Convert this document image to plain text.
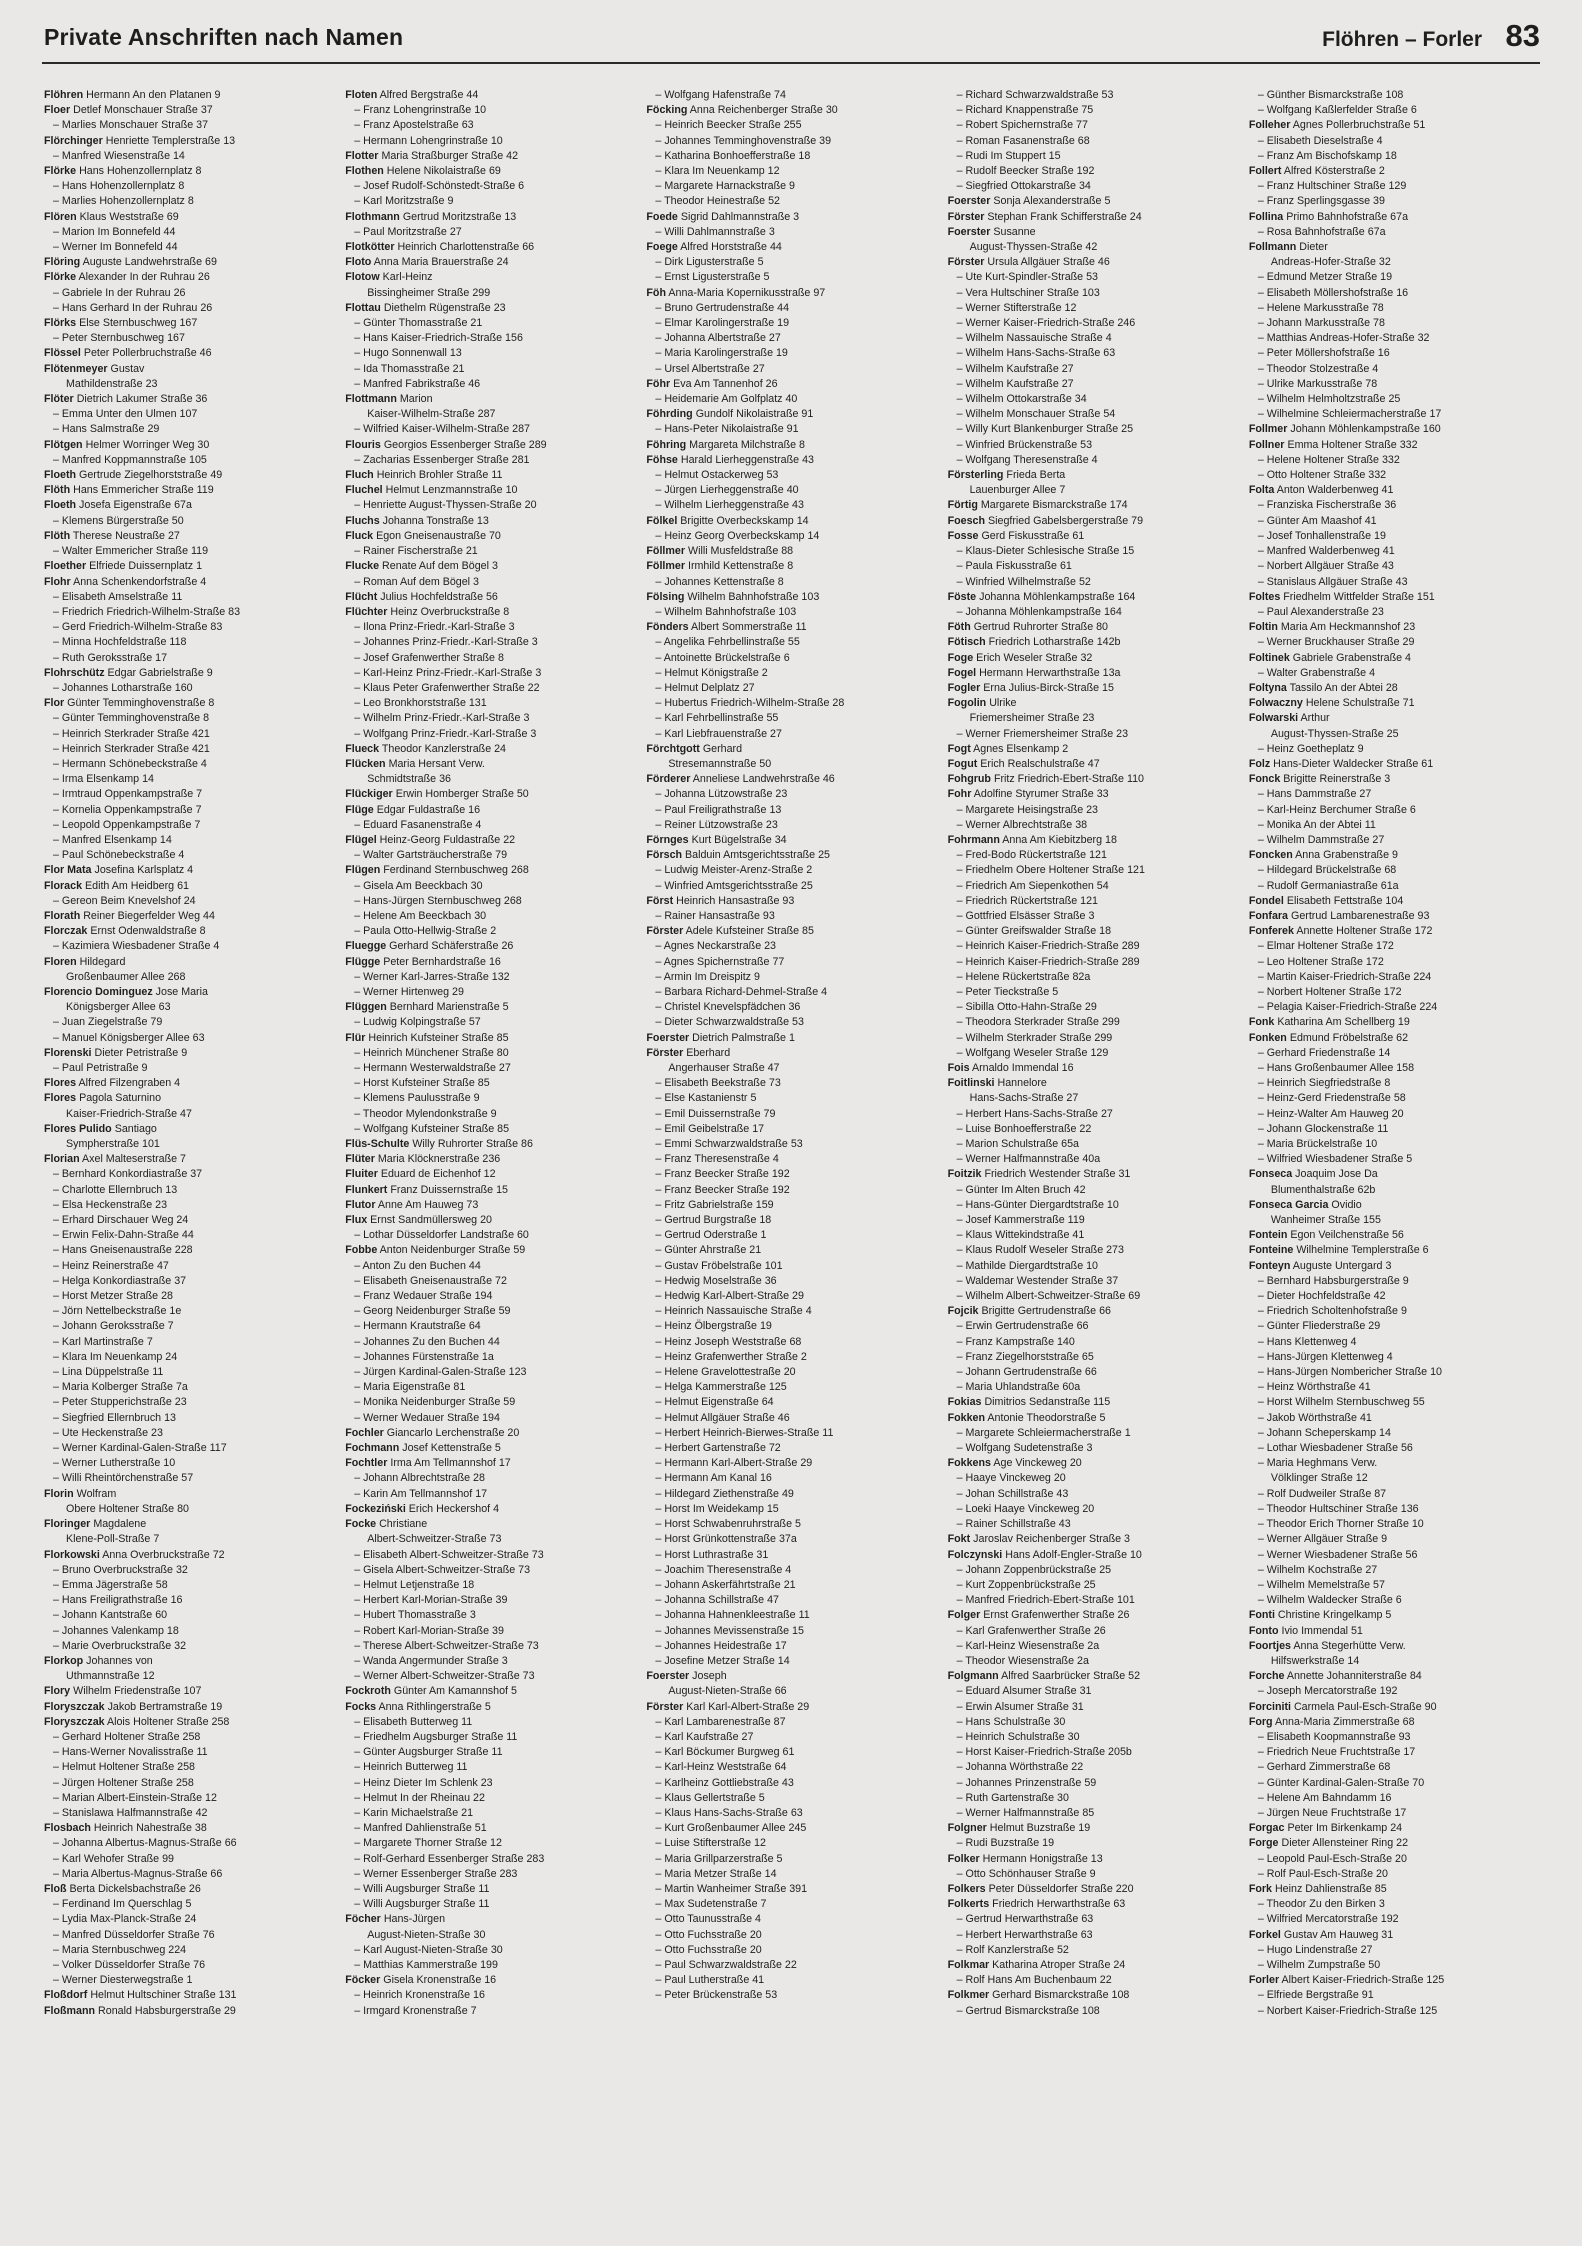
Private Anschriften nach Namen	Flöhren – Forler 83
Flöhren Hermann An den Platanen 9
Floer Detlef Monschauer Straße 37
– Marlies Monschauer Straße 37
Flörchinger Henriette Templerstraße 13
– Manfred Wiesenstraße 14
Flörke Hans Hohenzollernplatz 8
– Hans Hohenzollernplatz 8
– Marlies Hohenzollernplatz 8
Flören Klaus Weststraße 69
– Marion Im Bonnefeld 44
– Werner Im Bonnefeld 44
Flöring Auguste Landwehrstraße 69
Flörke Alexander In der Ruhrau 26
– Gabriele In der Ruhrau 26
– Hans Gerhard In der Ruhrau 26
Flörks Else Sternbuschweg 167
– Peter Sternbuschweg 167
Flössel Peter Pollerbruchstraße 46
Flötenmeyer Gustav
Mathildenstraße 23
Flöter Dietrich Lakumer Straße 36
– Emma Unter den Ulmen 107
– Hans Salmstraße 29
Flötgen Helmer Worringer Weg 30
– Manfred Koppmannstraße 105
Floeth Gertrude Ziegelhorststraße 49
Flöth Hans Emmericher Straße 119
Floeth Josefa Eigenstraße 67a
– Klemens Bürgerstraße 50
Flöth Therese Neustraße 27
– Walter Emmericher Straße 119
Floether Elfriede Duissernplatz 1
Flohr Anna Schenkendorfstraße 4
– Elisabeth Amselstraße 11
– Friedrich Friedrich-Wilhelm-Straße 83
– Gerd Friedrich-Wilhelm-Straße 83
– Minna Hochfeldstraße 118
– Ruth Geroksstraße 17
Flohrschütz Edgar Gabrielstraße 9
– Johannes Lotharstraße 160
Flor Günter Temminghovenstraße 8
– Günter Temminghovenstraße 8
– Heinrich Sterkrader Straße 421
– Heinrich Sterkrader Straße 421
– Hermann Schönebeckstraße 4
– Irma Elsenkamp 14
– Irmtraud Oppenkampstraße 7
– Kornelia Oppenkampstraße 7
– Leopold Oppenkampstraße 7
– Manfred Elsenkamp 14
– Paul Schönebeckstraße 4
Flor Mata Josefina Karlsplatz 4
Florack Edith Am Heidberg 61
– Gereon Beim Knevelshof 24
Florath Reiner Biegerfelder Weg 44
Florczak Ernst Odenwaldstraße 8
– Kazimiera Wiesbadener Straße 4
Floren Hildegard
Großenbaumer Allee 268
Florencio Dominguez Jose Maria
Königsberger Allee 63
– Juan Ziegelstraße 79
– Manuel Königsberger Allee 63
Florenski Dieter Petristraße 9
– Paul Petristraße 9
Flores Alfred Filzengraben 4
Flores Pagola Saturnino
Kaiser-Friedrich-Straße 47
Flores Pulido Santiago
Sympherstraße 101
Florian Axel Malteserstraße 7
– Bernhard Konkordiastraße 37
– Charlotte Ellernbruch 13
– Elsa Heckenstraße 23
– Erhard Dirschauer Weg 24
– Erwin Felix-Dahn-Straße 44
– Hans Gneisenaustraße 228
– Heinz Reinerstraße 47
– Helga Konkordiastraße 37
– Horst Metzer Straße 28
– Jörn Nettelbeckstraße 1e
– Johann Geroksstraße 7
– Karl Martinstraße 7
– Klara Im Neuenkamp 24
– Lina Düppelstraße 11
– Maria Kolberger Straße 7a
– Peter Stupperichstraße 23
– Siegfried Ellernbruch 13
– Ute Heckenstraße 23
– Werner Kardinal-Galen-Straße 117
– Werner Lutherstraße 10
– Willi Rheintörchenstraße 57
Florin Wolfram
Obere Holtener Straße 80
Floringer Magdalene
Klene-Poll-Straße 7
Florkowski Anna Overbruckstraße 72
– Bruno Overbruckstraße 32
– Emma Jägerstraße 58
– Hans Freiligrathstraße 16
– Johann Kantstraße 60
– Johannes Valenkamp 18
– Marie Overbruckstraße 32
Florkop Johannes von
Uthmannstraße 12
Flory Wilhelm Friedenstraße 107
Floryszczak Jakob Bertramstraße 19
Floryszczak Alois Holtener Straße 258
– Gerhard Holtener Straße 258
– Hans-Werner Novalisstraße 11
– Helmut Holtener Straße 258
– Jürgen Holtener Straße 258
– Marian Albert-Einstein-Straße 12
– Stanislawa Halfmannstraße 42
Flosbach Heinrich Nahestraße 38
– Johanna Albertus-Magnus-Straße 66
– Karl Wehofer Straße 99
– Maria Albertus-Magnus-Straße 66
Floß Berta Dickelsbachstraße 26
– Ferdinand Im Querschlag 5
– Lydia Max-Planck-Straße 24
– Manfred Düsseldorfer Straße 76
– Maria Sternbuschweg 224
– Volker Düsseldorfer Straße 76
– Werner Diesterwegstraße 1
Floßdorf Helmut Hultschiner Straße 131
Floßmann Ronald Habsburgerstraße 29
Floten Alfred Bergstraße 44
– Franz Lohengrinstraße 10
– Franz Apostelstraße 63
– Hermann Lohengrinstraße 10
Flotter Maria Straßburger Straße 42
Flothen Helene Nikolaistraße 69
– Josef Rudolf-Schönstedt-Straße 6
– Karl Moritzstraße 9
Flothmann Gertrud Moritzstraße 13
– Paul Moritzstraße 27
Flotkötter Heinrich Charlottenstraße 66
Floto Anna Maria Brauerstraße 24
Flotow Karl-Heinz
Bissingheimer Straße 299
Flottau Diethelm Rügenstraße 23
– Günter Thomasstraße 21
– Hans Kaiser-Friedrich-Straße 156
– Hugo Sonnenwall 13
– Ida Thomasstraße 21
– Manfred Fabrikstraße 46
Flottmann Marion
Kaiser-Wilhelm-Straße 287
– Wilfried Kaiser-Wilhelm-Straße 287
Flouris Georgios Essenberger Straße 289
– Zacharias Essenberger Straße 281
Fluch Heinrich Brohler Straße 11
Fluchel Helmut Lenzmannstraße 10
– Henriette August-Thyssen-Straße 20
Fluchs Johanna Tonstraße 13
Fluck Egon Gneisenaustraße 70
– Rainer Fischerstraße 21
Flucke Renate Auf dem Bögel 3
– Roman Auf dem Bögel 3
Flücht Julius Hochfeldstraße 56
Flüchter Heinz Overbruckstraße 8
– Ilona Prinz-Friedr.-Karl-Straße 3
– Johannes Prinz-Friedr.-Karl-Straße 3
– Josef Grafenwerther Straße 8
– Karl-Heinz Prinz-Friedr.-Karl-Straße 3
– Klaus Peter Grafenwerther Straße 22
– Leo Bronkhorststraße 131
– Wilhelm Prinz-Friedr.-Karl-Straße 3
– Wolfgang Prinz-Friedr.-Karl-Straße 3
Flueck Theodor Kanzlerstraße 24
Flücken Maria Hersant Verw.
Schmidtstraße 36
Flückiger Erwin Homberger Straße 50
Flüge Edgar Fuldastraße 16
– Eduard Fasanenstraße 4
Flügel Heinz-Georg Fuldastraße 22
– Walter Gartsträucherstraße 79
Flügen Ferdinand Sternbuschweg 268
– Gisela Am Beeckbach 30
– Hans-Jürgen Sternbuschweg 268
– Helene Am Beeckbach 30
– Paula Otto-Hellwig-Straße 2
Fluegge Gerhard Schäferstraße 26
Flügge Peter Bernhardstraße 16
– Werner Karl-Jarres-Straße 132
– Werner Hirtenweg 29
Flüggen Bernhard Marienstraße 5
– Ludwig Kolpingstraße 57
Flür Heinrich Kufsteiner Straße 85
– Heinrich Münchener Straße 80
– Hermann Westerwaldstraße 27
– Horst Kufsteiner Straße 85
– Klemens Paulusstraße 9
– Theodor Mylendonkstraße 9
– Wolfgang Kufsteiner Straße 85
Flüs-Schulte Willy Ruhrorter Straße 86
Flüter Maria Klöcknerstraße 236
Fluiter Eduard de Eichenhof 12
Flunkert Franz Duissernstraße 15
Flutor Anne Am Hauweg 73
Flux Ernst Sandmüllersweg 20
– Lothar Düsseldorfer Landstraße 60
Fobbe Anton Neidenburger Straße 59
– Anton Zu den Buchen 44
– Elisabeth Gneisenaustraße 72
– Franz Wedauer Straße 194
– Georg Neidenburger Straße 59
– Hermann Krautstraße 64
– Johannes Zu den Buchen 44
– Johannes Fürstenstraße 1a
– Jürgen Kardinal-Galen-Straße 123
– Maria Eigenstraße 81
– Monika Neidenburger Straße 59
– Werner Wedauer Straße 194
Fochler Giancarlo Lerchenstraße 20
Fochmann Josef Kettenstraße 5
Fochtler Irma Am Tellmannshof 17
– Johann Albrechtstraße 28
– Karin Am Tellmannshof 17
Fockeziński Erich Heckershof 4
Focke Christiane
Albert-Schweitzer-Straße 73
– Elisabeth Albert-Schweitzer-Straße 73
– Gisela Albert-Schweitzer-Straße 73
– Helmut Letjenstraße 18
– Herbert Karl-Morian-Straße 39
– Hubert Thomasstraße 3
– Robert Karl-Morian-Straße 39
– Therese Albert-Schweitzer-Straße 73
– Wanda Angermunder Straße 3
– Werner Albert-Schweitzer-Straße 73
Fockroth Günter Am Kamannshof 5
Focks Anna Rithlingerstraße 5
– Elisabeth Butterweg 11
– Friedhelm Augsburger Straße 11
– Günter Augsburger Straße 11
– Heinrich Butterweg 11
– Heinz Dieter Im Schlenk 23
– Helmut In der Rheinau 22
– Karin Michaelstraße 21
– Manfred Dahlienstraße 51
– Margarete Thorner Straße 12
– Rolf-Gerhard Essenberger Straße 283
– Werner Essenberger Straße 283
– Willi Augsburger Straße 11
– Willi Augsburger Straße 11
Föcher Hans-Jürgen
August-Nieten-Straße 30
– Karl August-Nieten-Straße 30
– Matthias Kammerstraße 199
Föcker Gisela Kronenstraße 16
– Heinrich Kronenstraße 16
– Irmgard Kronenstraße 7
– Wolfgang Hafenstraße 74
Föcking Anna Reichenberger Straße 30
– Heinrich Beecker Straße 255
– Johannes Temminghovenstraße 39
– Katharina Bonhoefferstraße 18
– Klara Im Neuenkamp 12
– Margarete Harnackstraße 9
– Theodor Heinestraße 52
Foede Sigrid Dahlmannstraße 3
– Willi Dahlmannstraße 3
Foege Alfred Horststraße 44
– Dirk Ligusterstraße 5
– Ernst Ligusterstraße 5
Föh Anna-Maria Kopernikusstraße 97
– Bruno Gertrudenstraße 44
– Elmar Karolingerstraße 19
– Johanna Albertstraße 27
– Maria Karolingerstraße 19
– Ursel Albertstraße 27
Föhr Eva Am Tannenhof 26
– Heidemarie Am Golfplatz 40
Föhrding Gundolf Nikolaistraße 91
– Hans-Peter Nikolaistraße 91
Föhring Margareta Milchstraße 8
Föhse Harald Lierheggenstraße 43
– Helmut Ostackerweg 53
– Jürgen Lierheggenstraße 40
– Wilhelm Lierheggenstraße 43
Fölkel Brigitte Overbeckskamp 14
– Heinz Georg Overbeckskamp 14
Föllmer Willi Musfeldstraße 88
Föllmer Irmhild Kettenstraße 8
– Johannes Kettenstraße 8
Fölsing Wilhelm Bahnhofstraße 103
– Wilhelm Bahnhofstraße 103
Fönders Albert Sommerstraße 11
– Angelika Fehrbellinstraße 55
– Antoinette Brückelstraße 6
– Helmut Königstraße 2
– Helmut Delplatz 27
– Hubertus Friedrich-Wilhelm-Straße 28
– Karl Fehrbellinstraße 55
– Karl Liebfrauenstraße 27
Förchtgott Gerhard
Stresemannstraße 50
Förderer Anneliese Landwehrstraße 46
– Johanna Lützowstraße 23
– Paul Freiligrathstraße 13
– Reiner Lützowstraße 23
Förnges Kurt Bügelstraße 34
Försch Balduin Amtsgerichtsstraße 25
– Ludwig Meister-Arenz-Straße 2
– Winfried Amtsgerichtsstraße 25
Först Heinrich Hansastraße 93
– Rainer Hansastraße 93
Förster Adele Kufsteiner Straße 85
– Agnes Neckarstraße 23
– Agnes Spichernstraße 77
– Armin Im Dreispitz 9
– Barbara Richard-Dehmel-Straße 4
– Christel Knevelspfädchen 36
– Dieter Schwarzwaldstraße 53
Foerster Dietrich Palmstraße 1
Förster Eberhard
Angerhauser Straße 47
– Elisabeth Beekstraße 73
– Else Kastanienstr 5
– Emil Duissernstraße 79
– Emil Geibelstraße 17
– Emmi Schwarzwaldstraße 53
– Franz Theresenstraße 4
– Franz Beecker Straße 192
– Franz Beecker Straße 192
– Fritz Gabrielstraße 159
– Gertrud Burgstraße 18
– Gertrud Oderstraße 1
– Günter Ahrstraße 21
– Gustav Fröbelstraße 101
– Hedwig Moselstraße 36
– Hedwig Karl-Albert-Straße 29
– Heinrich Nassauische Straße 4
– Heinz Ölbergstraße 19
– Heinz Joseph Weststraße 68
– Heinz Grafenwerther Straße 2
– Helene Gravelottestraße 20
– Helga Kammerstraße 125
– Helmut Eigenstraße 64
– Helmut Allgäuer Straße 46
– Herbert Heinrich-Bierwes-Straße 11
– Herbert Gartenstraße 72
– Hermann Karl-Albert-Straße 29
– Hermann Am Kanal 16
– Hildegard Ziethenstraße 49
– Horst Im Weidekamp 15
– Horst Schwabenruhrstraße 5
– Horst Grünkottenstraße 37a
– Horst Luthrastraße 31
– Joachim Theresenstraße 4
– Johann Askerfährtstraße 21
– Johanna Schillstraße 47
– Johanna Hahnenkleestraße 11
– Johannes Mevissenstraße 15
– Johannes Heidestraße 17
– Josefine Metzer Straße 14
Foerster Joseph
August-Nieten-Straße 66
Förster Karl Karl-Albert-Straße 29
– Karl Lambarenestraße 87
– Karl Kaufstraße 27
– Karl Böckumer Burgweg 61
– Karl-Heinz Weststraße 64
– Karlheinz Gottliebstraße 43
– Klaus Gellertstraße 5
– Klaus Hans-Sachs-Straße 63
– Kurt Großenbaumer Allee 245
– Luise Stifterstraße 12
– Maria Grillparzerstraße 5
– Maria Metzer Straße 14
– Martin Wanheimer Straße 391
– Max Sudetenstraße 7
– Otto Taunusstraße 4
– Otto Fuchsstraße 20
– Otto Fuchsstraße 20
– Paul Schwarzwaldstraße 22
– Paul Lutherstraße 41
– Peter Brückenstraße 53
– Richard Schwarzwaldstraße 53
– Richard Knappenstraße 75
– Robert Spichernstraße 77
– Roman Fasanenstraße 68
– Rudi Im Stuppert 15
– Rudolf Beecker Straße 192
– Siegfried Ottokarstraße 34
Foerster Sonja Alexanderstraße 5
Förster Stephan Frank Schifferstraße 24
Foerster Susanne
August-Thyssen-Straße 42
Förster Ursula Allgäuer Straße 46
– Ute Kurt-Spindler-Straße 53
– Vera Hultschiner Straße 103
– Werner Stifterstraße 12
– Werner Kaiser-Friedrich-Straße 246
– Wilhelm Nassauische Straße 4
– Wilhelm Hans-Sachs-Straße 63
– Wilhelm Kaufstraße 27
– Wilhelm Kaufstraße 27
– Wilhelm Ottokarstraße 34
– Wilhelm Monschauer Straße 54
– Willy Kurt Blankenburger Straße 25
– Winfried Brückenstraße 53
– Wolfgang Theresenstraße 4
Försterling Frieda Berta
Lauenburger Allee 7
Förtig Margarete Bismarckstraße 174
Foesch Siegfried Gabelsbergerstraße 79
Fosse Gerd Fiskusstraße 61
– Klaus-Dieter Schlesische Straße 15
– Paula Fiskusstraße 61
– Winfried Wilhelmstraße 52
Föste Johanna Möhlenkampstraße 164
– Johanna Möhlenkampstraße 164
Föth Gertrud Ruhrorter Straße 80
Fötisch Friedrich Lotharstraße 142b
Foge Erich Weseler Straße 32
Fogel Hermann Herwarthstraße 13a
Fogler Erna Julius-Birck-Straße 15
Fogolin Ulrike
Friemersheimer Straße 23
– Werner Friemersheimer Straße 23
Fogt Agnes Elsenkamp 2
Fogut Erich Realschulstraße 47
Fohgrub Fritz Friedrich-Ebert-Straße 110
Fohr Adolfine Styrumer Straße 33
– Margarete Heisingstraße 23
– Werner Albrechtstraße 38
Fohrmann Anna Am Kiebitzberg 18
– Fred-Bodo Rückertstraße 121
– Friedhelm Obere Holtener Straße 121
– Friedrich Am Siepenkothen 54
– Friedrich Rückertstraße 121
– Gottfried Elsässer Straße 3
– Günter Greifswalder Straße 18
– Heinrich Kaiser-Friedrich-Straße 289
– Heinrich Kaiser-Friedrich-Straße 289
– Helene Rückertstraße 82a
– Peter Tieckstraße 5
– Sibilla Otto-Hahn-Straße 29
– Theodora Sterkrader Straße 299
– Wilhelm Sterkrader Straße 299
– Wolfgang Weseler Straße 129
Fois Arnaldo Immendal 16
Foitlinski Hannelore
Hans-Sachs-Straße 27
– Herbert Hans-Sachs-Straße 27
– Luise Bonhoefferstraße 22
– Marion Schulstraße 65a
– Werner Halfmannstraße 40a
Foitzik Friedrich Westender Straße 31
– Günter Im Alten Bruch 42
– Hans-Günter Diergardtstraße 10
– Josef Kammerstraße 119
– Klaus Wittekindstraße 41
– Klaus Rudolf Weseler Straße 273
– Mathilde Diergardtstraße 10
– Waldemar Westender Straße 37
– Wilhelm Albert-Schweitzer-Straße 69
Fojcik Brigitte Gertrudenstraße 66
– Erwin Gertrudenstraße 66
– Franz Kampstraße 140
– Franz Ziegelhorststraße 65
– Johann Gertrudenstraße 66
– Maria Uhlandstraße 60a
Fokias Dimitrios Sedanstraße 115
Fokken Antonie Theodorstraße 5
– Margarete Schleiermacherstraße 1
– Wolfgang Sudetenstraße 3
Fokkens Age Vinckeweg 20
– Haaye Vinckeweg 20
– Johan Schillstraße 43
– Loeki Haaye Vinckeweg 20
– Rainer Schillstraße 43
Fokt Jaroslav Reichenberger Straße 3
Folczynski Hans Adolf-Engler-Straße 10
– Johann Zoppenbrückstraße 25
– Kurt Zoppenbrückstraße 25
– Manfred Friedrich-Ebert-Straße 101
Folger Ernst Grafenwerther Straße 26
– Karl Grafenwerther Straße 26
– Karl-Heinz Wiesenstraße 2a
– Theodor Wiesenstraße 2a
Folgmann Alfred Saarbrücker Straße 52
– Eduard Alsumer Straße 31
– Erwin Alsumer Straße 31
– Hans Schulstraße 30
– Heinrich Schulstraße 30
– Horst Kaiser-Friedrich-Straße 205b
– Johanna Wörthstraße 22
– Johannes Prinzenstraße 59
– Ruth Gartenstraße 30
– Werner Halfmannstraße 85
Folgner Helmut Buzstraße 19
– Rudi Buzstraße 19
Folker Hermann Honigstraße 13
– Otto Schönhauser Straße 9
Folkers Peter Düsseldorfer Straße 220
Folkerts Friedrich Herwarthstraße 63
– Gertrud Herwarthstraße 63
– Herbert Herwarthstraße 63
– Rolf Kanzlerstraße 52
Folkmar Katharina Atroper Straße 24
– Rolf Hans Am Buchenbaum 22
Folkmer Gerhard Bismarckstraße 108
– Gertrud Bismarckstraße 108
– Günther Bismarckstraße 108
– Wolfgang Kaßlerfelder Straße 6
Folleher Agnes Pollerbruchstraße 51
– Elisabeth Dieselstraße 4
– Franz Am Bischofskamp 18
Follert Alfred Kösterstraße 2
– Franz Hultschiner Straße 129
– Franz Sperlingsgasse 39
Follina Primo Bahnhofstraße 67a
– Rosa Bahnhofstraße 67a
Follmann Dieter
Andreas-Hofer-Straße 32
– Edmund Metzer Straße 19
– Elisabeth Möllershofstraße 16
– Helene Markusstraße 78
– Johann Markusstraße 78
– Matthias Andreas-Hofer-Straße 32
– Peter Möllershofstraße 16
– Theodor Stolzestraße 4
– Ulrike Markusstraße 78
– Wilhelm Helmholtzstraße 25
– Wilhelmine Schleiermacherstraße 17
Follmer Johann Möhlenkampstraße 160
Follner Emma Holtener Straße 332
– Helene Holtener Straße 332
– Otto Holtener Straße 332
Folta Anton Walderbenweg 41
– Franziska Fischerstraße 36
– Günter Am Maashof 41
– Josef Tonhallenstraße 19
– Manfred Walderbenweg 41
– Norbert Allgäuer Straße 43
– Stanislaus Allgäuer Straße 43
Foltes Friedhelm Wittfelder Straße 151
– Paul Alexanderstraße 23
Foltin Maria Am Heckmannshof 23
– Werner Bruckhauser Straße 29
Foltinek Gabriele Grabenstraße 4
– Walter Grabenstraße 4
Foltyna Tassilo An der Abtei 28
Folwaczny Helene Schulstraße 71
Folwarski Arthur
August-Thyssen-Straße 25
– Heinz Goetheplatz 9
Folz Hans-Dieter Waldecker Straße 61
Fonck Brigitte Reinerstraße 3
– Hans Dammstraße 27
– Karl-Heinz Berchumer Straße 6
– Monika An der Abtei 11
– Wilhelm Dammstraße 27
Foncken Anna Grabenstraße 9
– Hildegard Brückelstraße 68
– Rudolf Germaniastraße 61a
Fondel Elisabeth Fettstraße 104
Fonfara Gertrud Lambarenestraße 93
Fonferek Annette Holtener Straße 172
– Elmar Holtener Straße 172
– Leo Holtener Straße 172
– Martin Kaiser-Friedrich-Straße 224
– Norbert Holtener Straße 172
– Pelagia Kaiser-Friedrich-Straße 224
Fonk Katharina Am Schellberg 19
Fonken Edmund Fröbelstraße 62
– Gerhard Friedenstraße 14
– Hans Großenbaumer Allee 158
– Heinrich Siegfriedstraße 8
– Heinz-Gerd Friedenstraße 58
– Heinz-Walter Am Hauweg 20
– Johann Glockenstraße 11
– Maria Brückelstraße 10
– Wilfried Wiesbadener Straße 5
Fonseca Joaquim Jose Da
Blumenthalstraße 62b
Fonseca Garcia Ovidio
Wanheimer Straße 155
Fontein Egon Veilchenstraße 56
Fonteine Wilhelmine Templerstraße 6
Fonteyn Auguste Untergard 3
– Bernhard Habsburgerstraße 9
– Dieter Hochfeldstraße 42
– Friedrich Scholtenhofstraße 9
– Günter Fliederstraße 29
– Hans Klettenweg 4
– Hans-Jürgen Klettenweg 4
– Hans-Jürgen Nombericher Straße 10
– Heinz Wörthstraße 41
– Horst Wilhelm Sternbuschweg 55
– Jakob Wörthstraße 41
– Johann Scheperskamp 14
– Lothar Wiesbadener Straße 56
– Maria Heghmans Verw.
Völklinger Straße 12
– Rolf Dudweiler Straße 87
– Theodor Hultschiner Straße 136
– Theodor Erich Thorner Straße 10
– Werner Allgäuer Straße 9
– Werner Wiesbadener Straße 56
– Wilhelm Kochstraße 27
– Wilhelm Memelstraße 57
– Wilhelm Waldecker Straße 6
Fonti Christine Kringelkamp 5
Fonto Ivio Immendal 51
Foortjes Anna Stegerhütte Verw.
Hilfswerkstraße 14
Forche Annette Johanniterstraße 84
– Joseph Mercatorstraße 192
Forciniti Carmela Paul-Esch-Straße 90
Forg Anna-Maria Zimmerstraße 68
– Elisabeth Koopmannstraße 93
– Friedrich Neue Fruchtstraße 17
– Gerhard Zimmerstraße 68
– Günter Kardinal-Galen-Straße 70
– Helene Am Bahndamm 16
– Jürgen Neue Fruchtstraße 17
Forgac Peter Im Birkenkamp 24
Forge Dieter Allensteiner Ring 22
– Leopold Paul-Esch-Straße 20
– Rolf Paul-Esch-Straße 20
Fork Heinz Dahlienstraße 85
– Theodor Zu den Birken 3
– Wilfried Mercatorstraße 192
Forkel Gustav Am Hauweg 31
– Hugo Lindenstraße 27
– Wilhelm Zumpstraße 50
Forler Albert Kaiser-Friedrich-Straße 125
– Elfriede Bergstraße 91
– Norbert Kaiser-Friedrich-Straße 125
